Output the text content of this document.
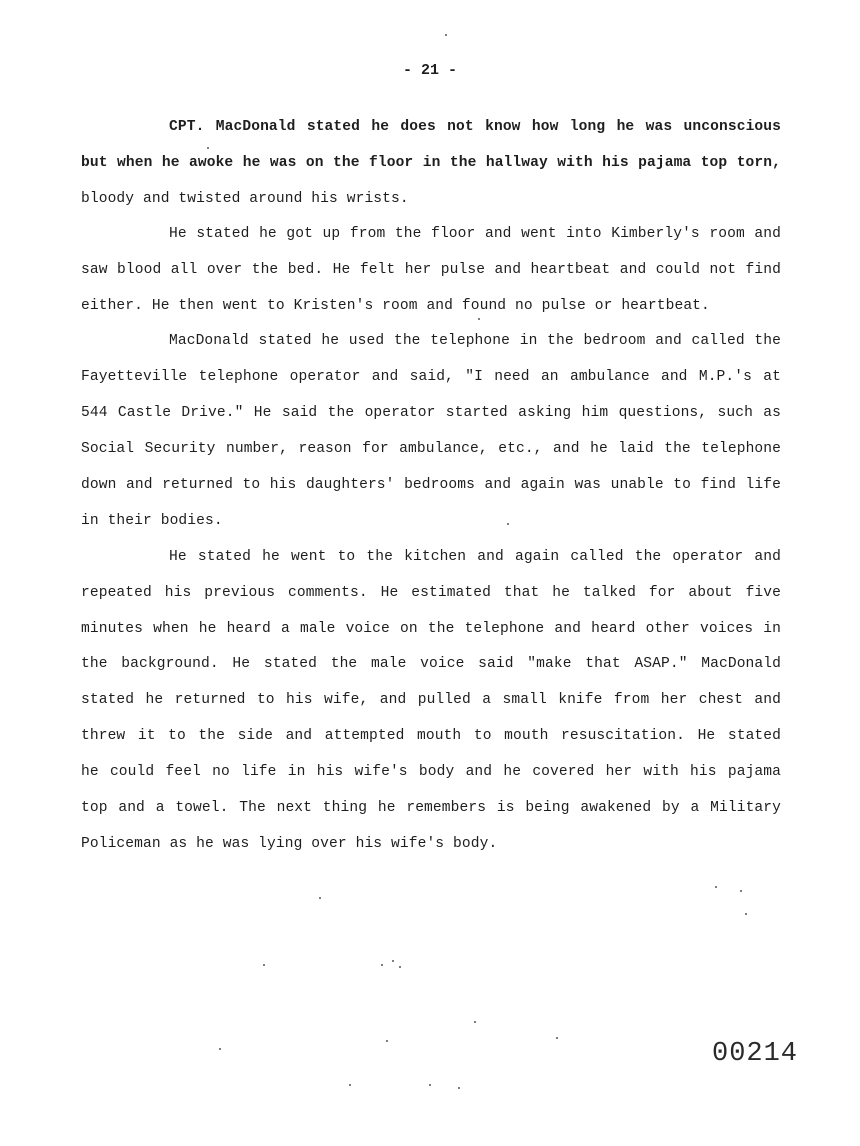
- 21 -
CPT. MacDonald stated he does not know how long he was unconscious
but when he awoke he was on the floor in the hallway with his pajama top torn,
bloody and twisted around his wrists.
He stated he got up from the floor and went into Kimberly's room and
saw blood all over the bed. He felt her pulse and heartbeat and could not find
either. He then went to Kristen's room and found no pulse or heartbeat.
MacDonald stated he used the telephone in the bedroom and called the
Fayetteville telephone operator and said, "I need an ambulance and M.P.'s at
544 Castle Drive." He said the operator started asking him questions, such as
Social Security number, reason for ambulance, etc., and he laid the telephone
down and returned to his daughters' bedrooms and again was unable to find life
in their bodies.
He stated he went to the kitchen and again called the operator and
repeated his previous comments. He estimated that he talked for about five
minutes when he heard a male voice on the telephone and heard other voices in
the background. He stated the male voice said "make that ASAP." MacDonald
stated he returned to his wife, and pulled a small knife from her chest and
threw it to the side and attempted mouth to mouth resuscitation. He stated
he could feel no life in his wife's body and he covered her with his pajama
top and a towel. The next thing he remembers is being awakened by a Military
Policeman as he was lying over his wife's body.
00214
